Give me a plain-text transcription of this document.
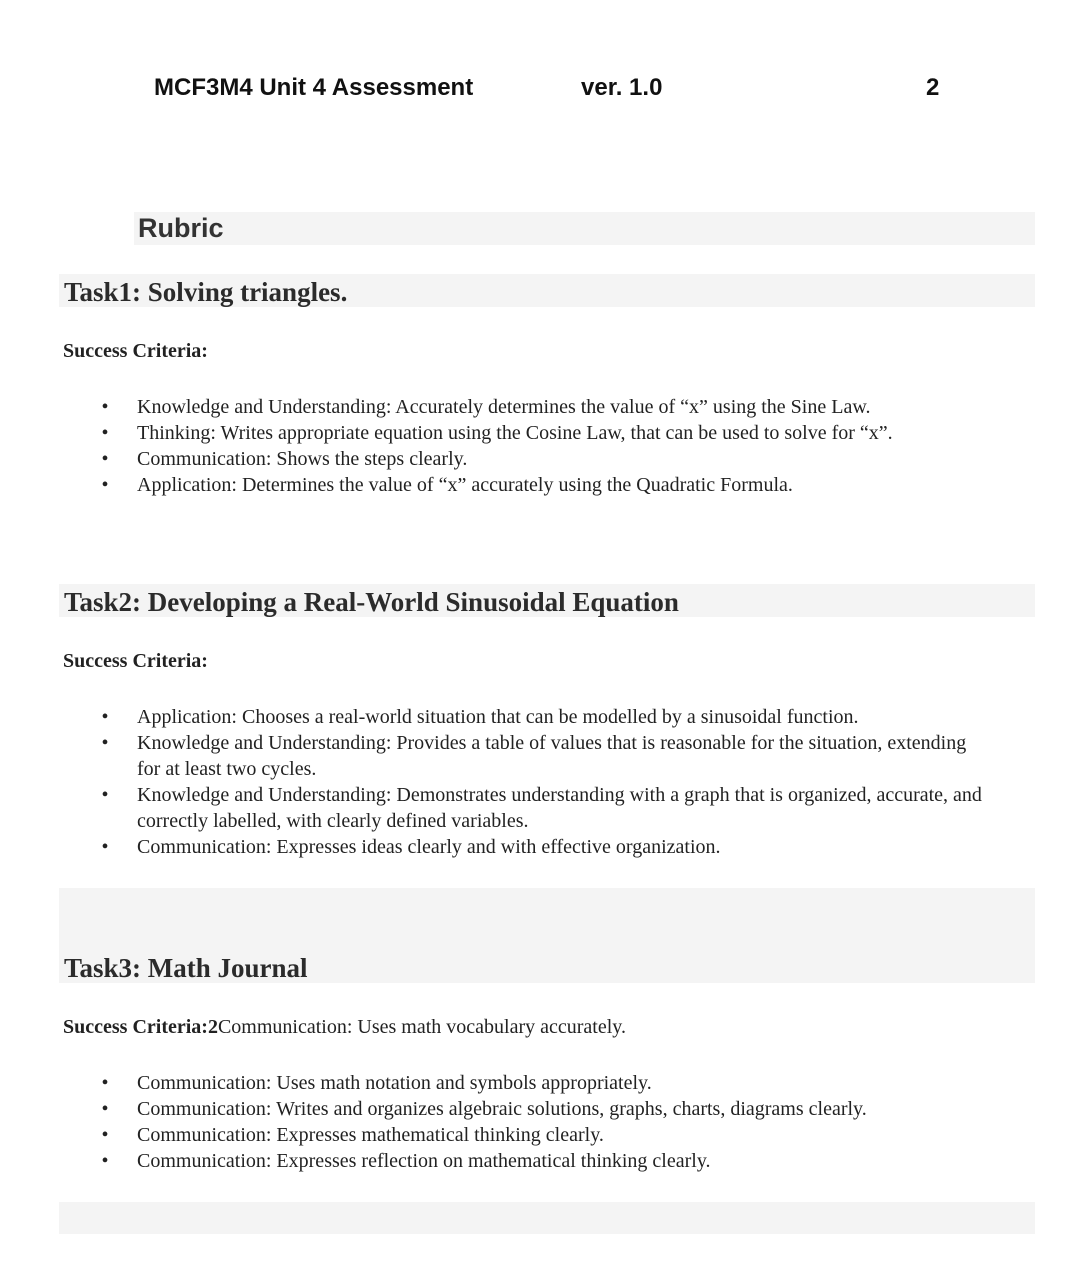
MCF3M4 Unit 4 Assessment	ver. 1.0	2
Rubric
Task1: Solving triangles.
Success Criteria:
• Knowledge and Understanding: Accurately determines the value of “x” using the Sine Law.
• Thinking: Writes appropriate equation using the Cosine Law, that can be used to solve for “x”.
• Communication: Shows the steps clearly.
• Application: Determines the value of “x” accurately using the Quadratic Formula.
Task2: Developing a Real-World Sinusoidal Equation
Success Criteria:
• Application: Chooses a real-world situation that can be modelled by a sinusoidal function.
• Knowledge and Understanding: Provides a table of values that is reasonable for the situation, extending for at least two cycles.
• Knowledge and Understanding: Demonstrates understanding with a graph that is organized, accurate, and correctly labelled, with clearly defined variables.
• Communication: Expresses ideas clearly and with effective organization.
Task3: Math Journal
Success Criteria:2Communication: Uses math vocabulary accurately.
• Communication: Uses math notation and symbols appropriately.
• Communication: Writes and organizes algebraic solutions, graphs, charts, diagrams clearly.
• Communication: Expresses mathematical thinking clearly.
• Communication: Expresses reflection on mathematical thinking clearly.
